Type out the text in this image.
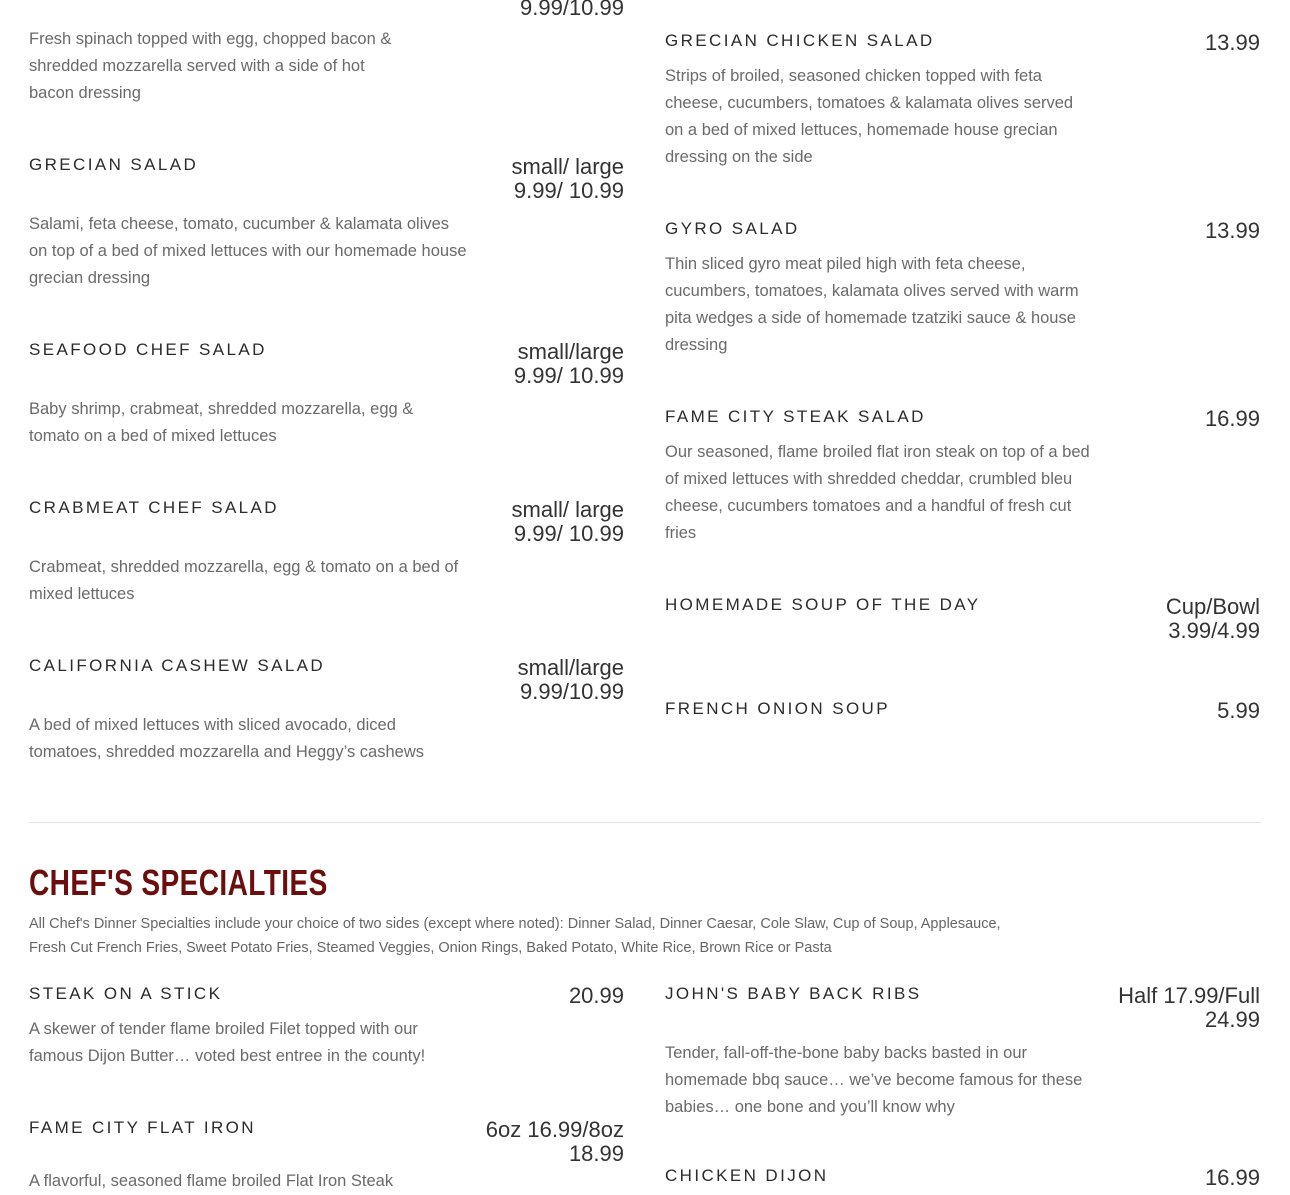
9.99/10.99
Fresh spinach topped with egg, chopped bacon & shredded mozzarella served with a side of hot bacon dressing
GRECIAN SALAD	small/ large 9.99/ 10.99
Salami, feta cheese, tomato, cucumber & kalamata olives on top of a bed of mixed lettuces with our homemade house grecian dressing
SEAFOOD CHEF SALAD	small/large 9.99/ 10.99
Baby shrimp, crabmeat, shredded mozzarella, egg & tomato on a bed of mixed lettuces
CRABMEAT CHEF SALAD	small/ large 9.99/ 10.99
Crabmeat, shredded mozzarella, egg & tomato on a bed of mixed lettuces
CALIFORNIA CASHEW SALAD	small/large 9.99/10.99
A bed of mixed lettuces with sliced avocado, diced tomatoes, shredded mozzarella and Heggy’s cashews
GRECIAN CHICKEN SALAD	13.99
Strips of broiled, seasoned chicken topped with feta cheese, cucumbers, tomatoes & kalamata olives served on a bed of mixed lettuces, homemade house grecian dressing on the side
GYRO SALAD	13.99
Thin sliced gyro meat piled high with feta cheese, cucumbers, tomatoes, kalamata olives served with warm pita wedges a side of homemade tzatziki sauce & house dressing
FAME CITY STEAK SALAD	16.99
Our seasoned, flame broiled flat iron steak on top of a bed of mixed lettuces with shredded cheddar, crumbled bleu cheese, cucumbers tomatoes and a handful of fresh cut fries
HOMEMADE SOUP OF THE DAY	Cup/Bowl 3.99/4.99
FRENCH ONION SOUP	5.99
CHEF'S SPECIALTIES
All Chef's Dinner Specialties include your choice of two sides (except where noted): Dinner Salad, Dinner Caesar, Cole Slaw, Cup of Soup, Applesauce,
Fresh Cut French Fries, Sweet Potato Fries, Steamed Veggies, Onion Rings, Baked Potato, White Rice, Brown Rice or Pasta
STEAK ON A STICK	20.99
A skewer of tender flame broiled Filet topped with our famous Dijon Butter… voted best entree in the county!
FAME CITY FLAT IRON	6oz 16.99/8oz 18.99
A flavorful, seasoned flame broiled Flat Iron Steak
JOHN'S BABY BACK RIBS	Half 17.99/Full 24.99
Tender, fall-off-the-bone baby backs basted in our homemade bbq sauce… we’ve become famous for these babies… one bone and you’ll know why
CHICKEN DIJON	16.99
